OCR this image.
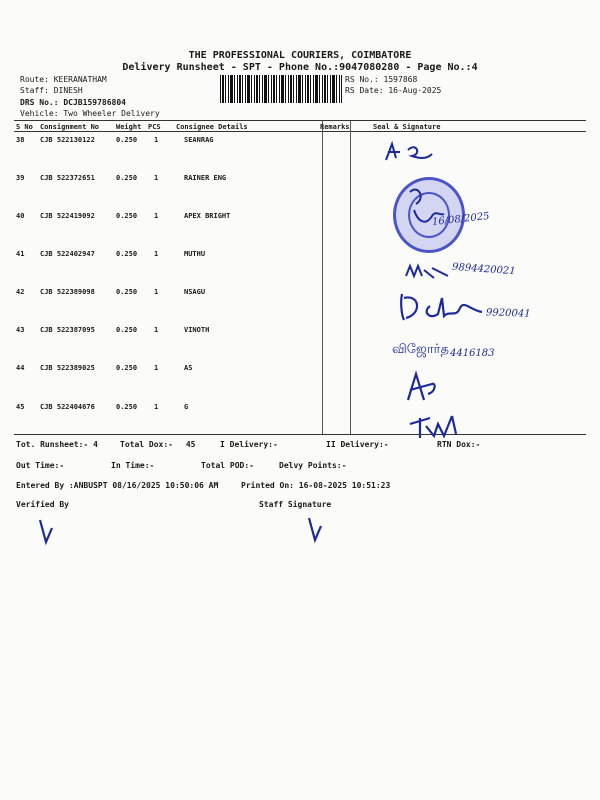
THE PROFESSIONAL COURIERS, COIMBATORE
Delivery Runsheet - SPT - Phone No.:9047080280 - Page No.:4
Route: KEERANATHAM
Staff: DINESH
DRS No.: DCJB159786804
Vehicle: Two Wheeler Delivery
RS No.: 1597868
RS Date: 16-Aug-2025
S No Consignment No Weight PCS Consignee Details	Remarks	Seal & Signature
38 CJB 522130122	0.250 1	SEANRAG
39 CJB 522372651	0.250 1	RAINER ENG
40 CJB 522419092	0.250 1	APEX BRIGHT
41 CJB 522402947	0.250 1	MUTHU
42 CJB 522389098	0.250 1	NSAGU
43 CJB 522387095	0.250 1	VINOTH
44 CJB 522389025	0.250 1	AS
45 CJB 522404676	0.250 1	G
16/08/2025
9894420021
9920041
விஜோர்த 4416183
Tot. Runsheet:- 4	Total Dox:- 45	I Delivery:-	II Delivery:-	RTN Dox:-
Out Time:-	In Time:-	Total POD:-	Delvy Points:-
Entered By :ANBUSPT 08/16/2025 10:50:06 AM	Printed On: 16-08-2025 10:51:23
Verified By	Staff Signature
